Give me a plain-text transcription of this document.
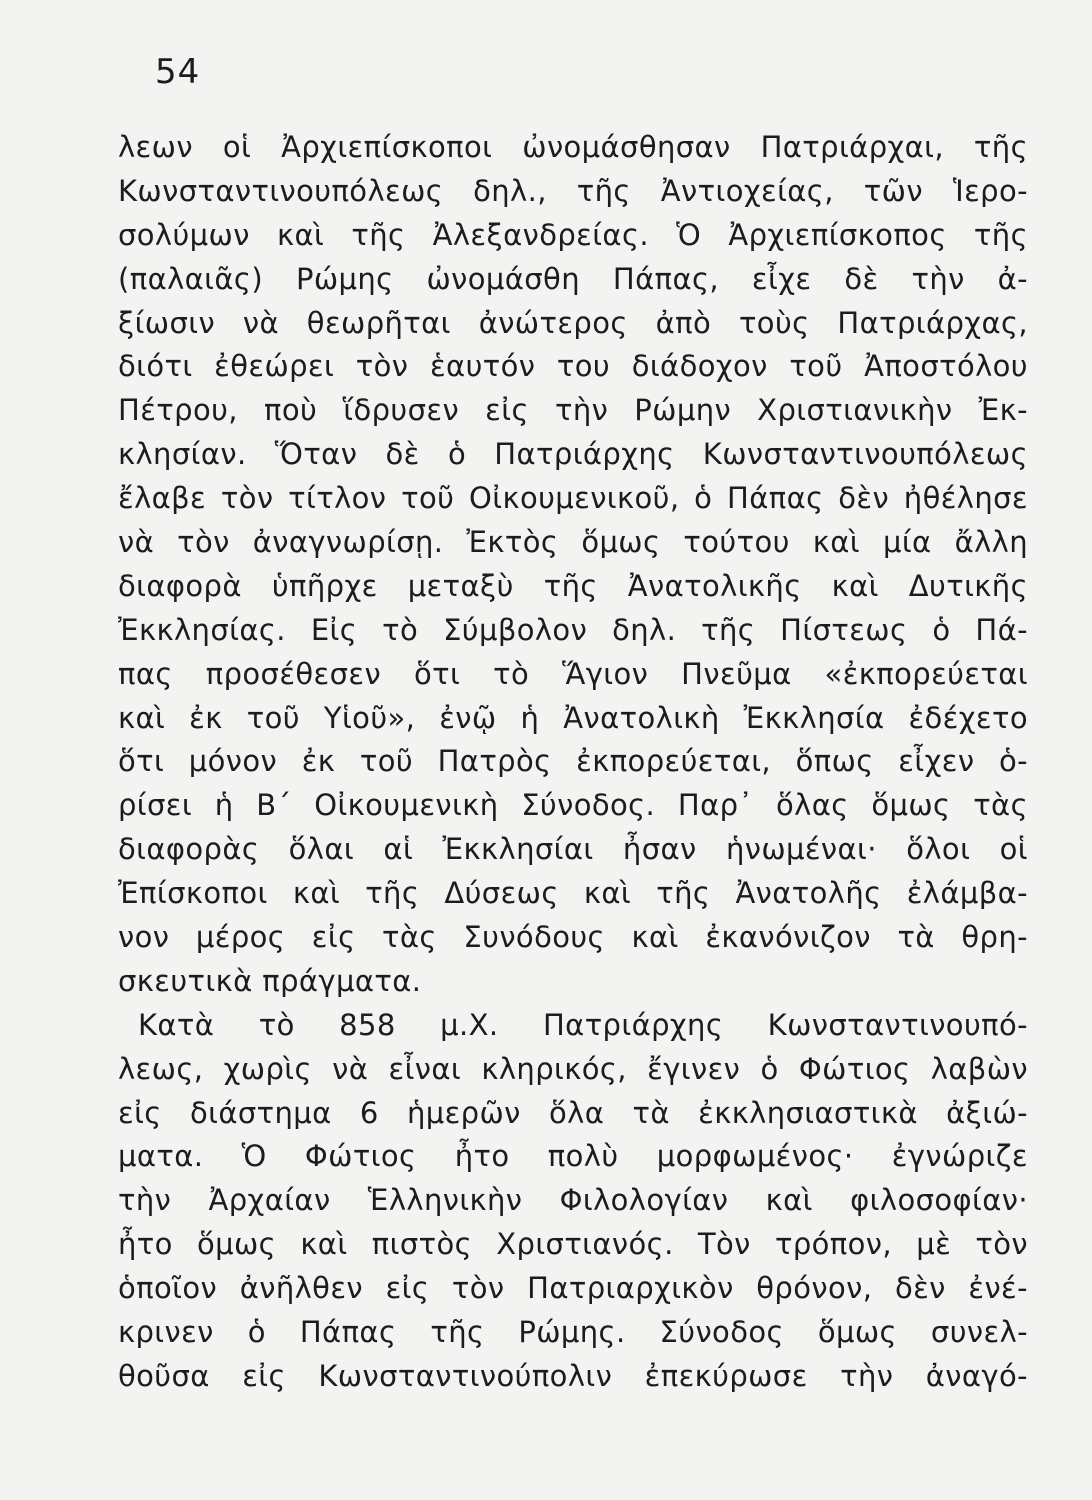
54
λεων οἱ Ἀρχιεπίσκοποι ὠνομάσθησαν Πατριάρχαι, τῆς
Κωνσταντινουπόλεως δηλ., τῆς Ἀντιοχείας, τῶν Ἱερο-
σολύμων καὶ τῆς Ἀλεξανδρείας. Ὁ Ἀρχιεπίσκοπος τῆς
(παλαιᾶς) Ρώμης ὠνομάσθη Πάπας, εἶχε δὲ τὴν ἀ-
ξίωσιν νὰ θεωρῆται ἀνώτερος ἀπὸ τοὺς Πατριάρχας,
διότι ἐθεώρει τὸν ἑαυτόν του διάδοχον τοῦ Ἀποστόλου
Πέτρου, ποὺ ἵδρυσεν εἰς τὴν Ρώμην Χριστιανικὴν Ἐκ-
κλησίαν. Ὅταν δὲ ὁ Πατριάρχης Κωνσταντινουπόλεως
ἔλαβε τὸν τίτλον τοῦ Οἰκουμενικοῦ, ὁ Πάπας δὲν ἠθέλησε
νὰ τὸν ἀναγνωρίσῃ. Ἐκτὸς ὅμως τούτου καὶ μία ἄλλη
διαφορὰ ὑπῆρχε μεταξὺ τῆς Ἀνατολικῆς καὶ Δυτικῆς
Ἐκκλησίας. Εἰς τὸ Σύμβολον δηλ. τῆς Πίστεως ὁ Πά-
πας προσέθεσεν ὅτι τὸ Ἅγιον Πνεῦμα «ἐκπορεύεται
καὶ ἐκ τοῦ Υἱοῦ», ἐνῷ ἡ Ἀνατολικὴ Ἐκκλησία ἐδέχετο
ὅτι μόνον ἐκ τοῦ Πατρὸς ἐκπορεύεται, ὅπως εἶχεν ὁ-
ρίσει ἡ Β΄ Οἰκουμενικὴ Σύνοδος. Παρ᾽ ὅλας ὅμως τὰς
διαφορὰς ὅλαι αἱ Ἐκκλησίαι ἦσαν ἡνωμέναι· ὅλοι οἱ
Ἐπίσκοποι καὶ τῆς Δύσεως καὶ τῆς Ἀνατολῆς ἐλάμβα-
νον μέρος εἰς τὰς Συνόδους καὶ ἐκανόνιζον τὰ θρη-
σκευτικὰ πράγματα.
Κατὰ τὸ 858 μ.Χ. Πατριάρχης Κωνσταντινουπό-
λεως, χωρὶς νὰ εἶναι κληρικός, ἔγινεν ὁ Φώτιος λαβὼν
εἰς διάστημα 6 ἡμερῶν ὅλα τὰ ἐκκλησιαστικὰ ἀξιώ-
ματα. Ὁ Φώτιος ἦτο πολὺ μορφωμένος· ἐγνώριζε
τὴν Ἀρχαίαν Ἑλληνικὴν Φιλολογίαν καὶ φιλοσοφίαν·
ἦτο ὅμως καὶ πιστὸς Χριστιανός. Τὸν τρόπον, μὲ τὸν
ὁποῖον ἀνῆλθεν εἰς τὸν Πατριαρχικὸν θρόνον, δὲν ἐνέ-
κρινεν ὁ Πάπας τῆς Ρώμης. Σύνοδος ὅμως συνελ-
θοῦσα εἰς Κωνσταντινούπολιν ἐπεκύρωσε τὴν ἀναγό-
